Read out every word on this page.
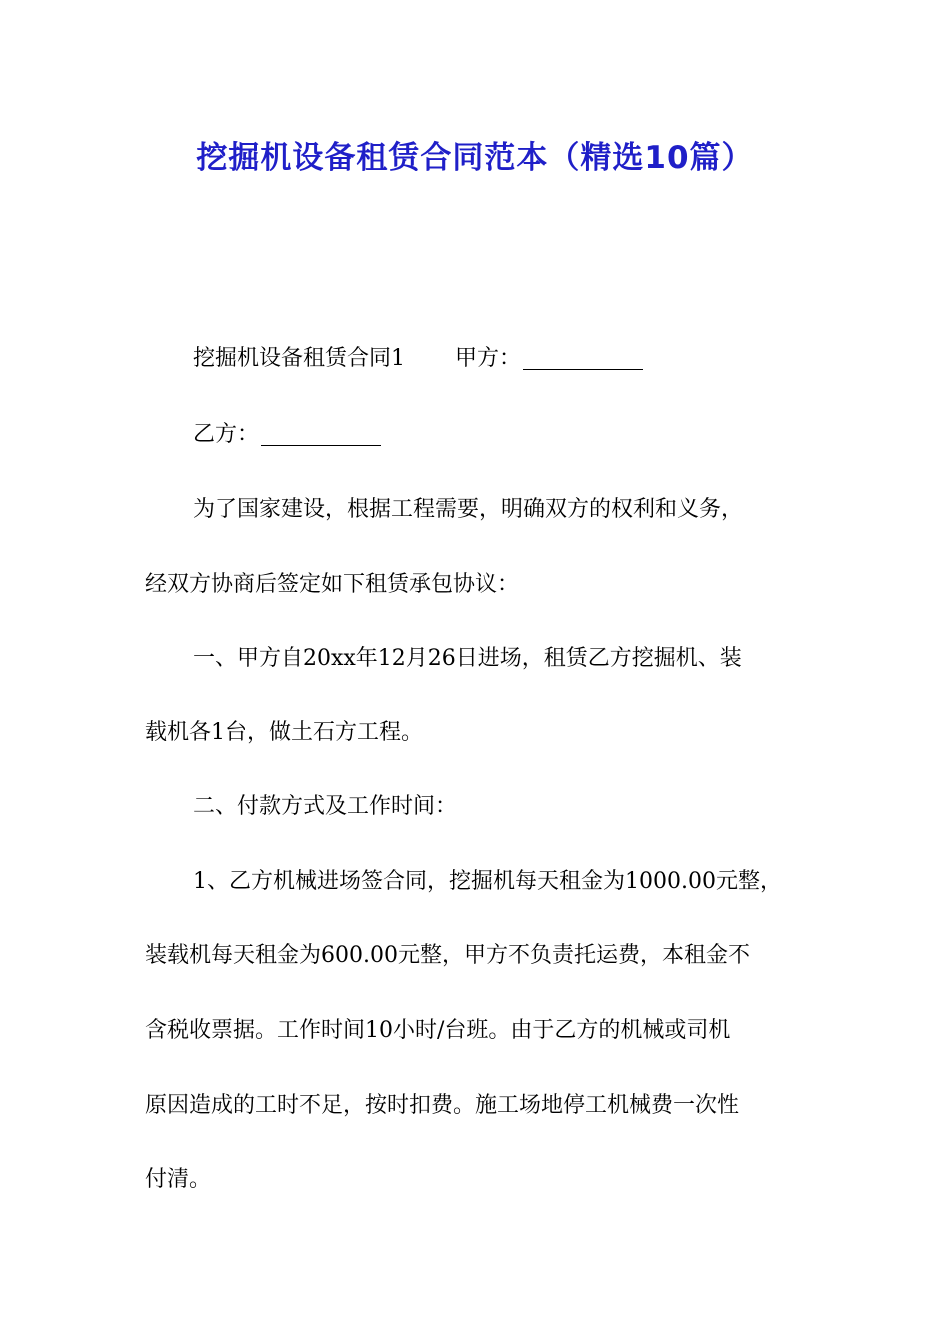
挖掘机设备租赁合同范本（精选10篇）
挖掘机设备租赁合同1 甲方：
乙方：
为了国家建设，根据工程需要，明确双方的权利和义务，
经双方协商后签定如下租赁承包协议：
一、甲方自20xx年12月26日进场，租赁乙方挖掘机、装
载机各1台，做土石方工程。
二、付款方式及工作时间：
1、乙方机械进场签合同，挖掘机每天租金为1000.00元整，
装载机每天租金为600.00元整，甲方不负责托运费，本租金不
含税收票据。工作时间10小时/台班。由于乙方的机械或司机
原因造成的工时不足，按时扣费。施工场地停工机械费一次性
付清。
